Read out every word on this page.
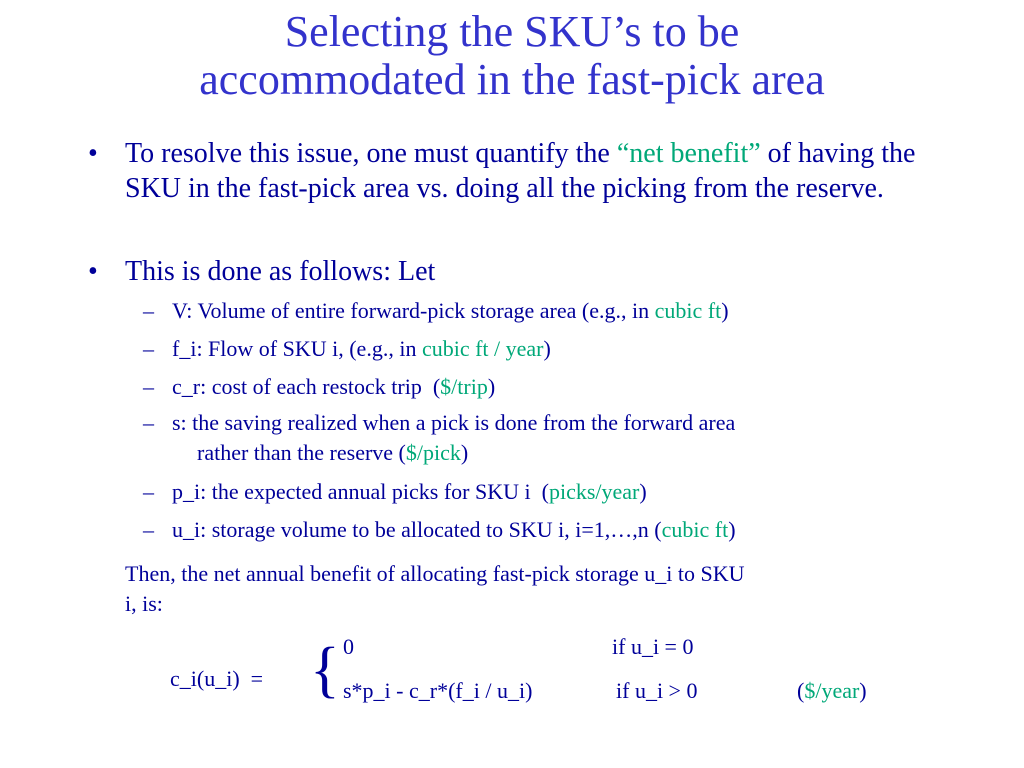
Selecting the SKU’s to be
accommodated in the fast-pick area
• To resolve this issue, one must quantify the “net benefit” of having the SKU in the fast-pick area vs. doing all the picking from the reserve.
• This is done as follows: Let
– V: Volume of entire forward-pick storage area (e.g., in cubic ft)
– f_i: Flow of SKU i, (e.g., in cubic ft / year)
– c_r: cost of each restock trip  ($/trip)
– s: the saving realized when a pick is done from the forward area
rather than the reserve ($/pick)
– p_i: the expected annual picks for SKU i  (picks/year)
– u_i: storage volume to be allocated to SKU i, i=1,…,n (cubic ft)
Then, the net annual benefit of allocating fast-pick storage u_i to SKU
i, is:
c_i(u_i)  = { 0	if u_i = 0
s*p_i - c_r*(f_i / u_i)	if u_i > 0	($/year)
